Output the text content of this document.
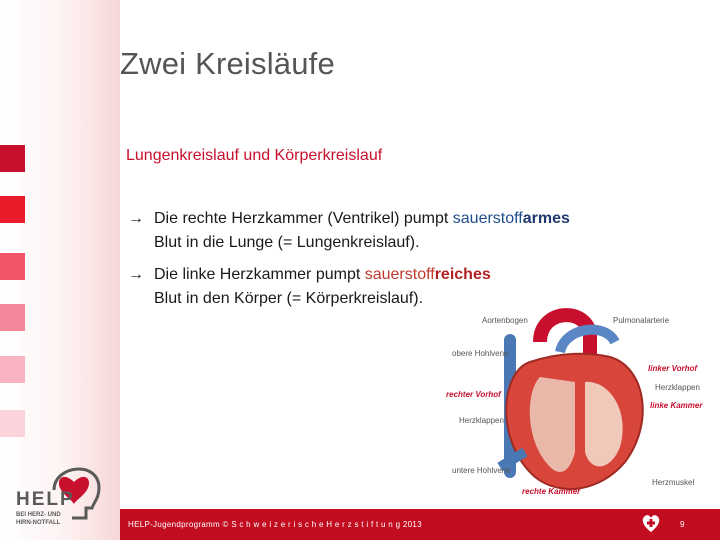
Zwei Kreisläufe
Lungenkreislauf und Körperkreislauf
→ Die rechte Herzkammer (Ventrikel) pumpt sauerstoffarmes
Blut in die Lunge (= Lungenkreislauf).
→ Die linke Herzkammer pumpt sauerstoffreiches
Blut in den Körper (= Körperkreislauf).
Aortenbogen	Pulmonalarterie
obere Hohlvene
linker Vorhof
Herzklappen
rechter Vorhof
linke Kammer
Herzklappen
untere Hohlvene
Herzmuskel
rechte Kammer
HELP-Jugendprogramm © S c h w e i z e r i s c h e H e r z s t i f t u n g 2013	9
HELP
BEI HERZ- UND
HIRN-NOTFALL
